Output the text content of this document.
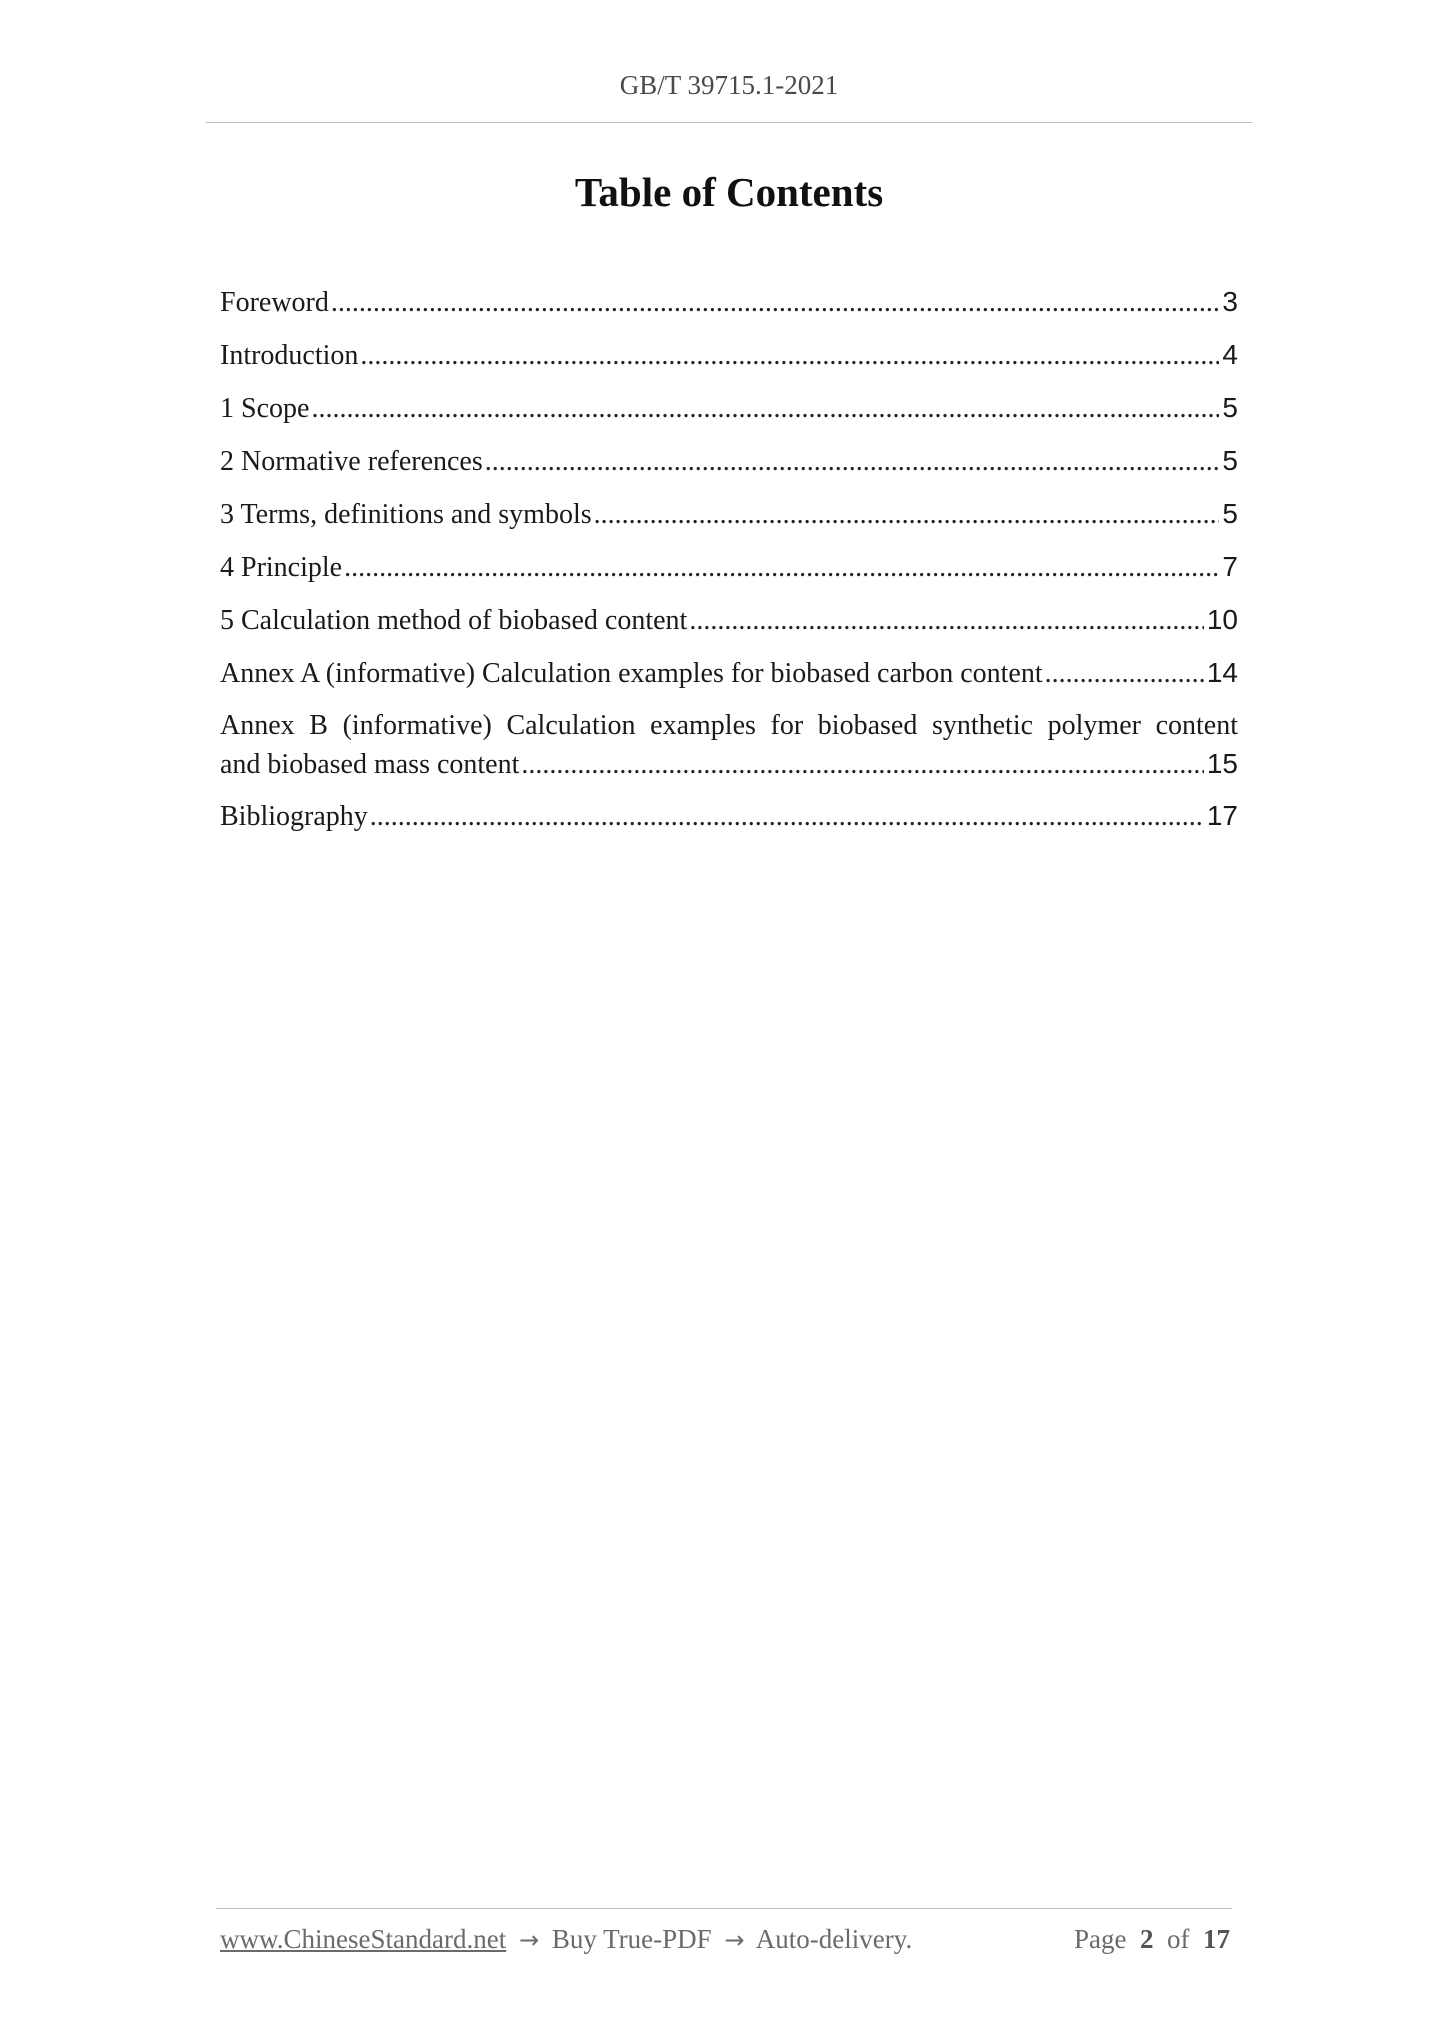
GB/T 39715.1-2021
Table of Contents
Foreword .....	3
Introduction .....	4
1 Scope .....	5
2 Normative references .....	5
3 Terms, definitions and symbols .....	5
4 Principle .....	7
5 Calculation method of biobased content .....	10
Annex A (informative) Calculation examples for biobased carbon content .....	14
Annex B (informative) Calculation examples for biobased synthetic polymer content
and biobased mass content .....	15
Bibliography .....	17
www.ChineseStandard.net → Buy True-PDF → Auto-delivery.	Page 2 of 17
